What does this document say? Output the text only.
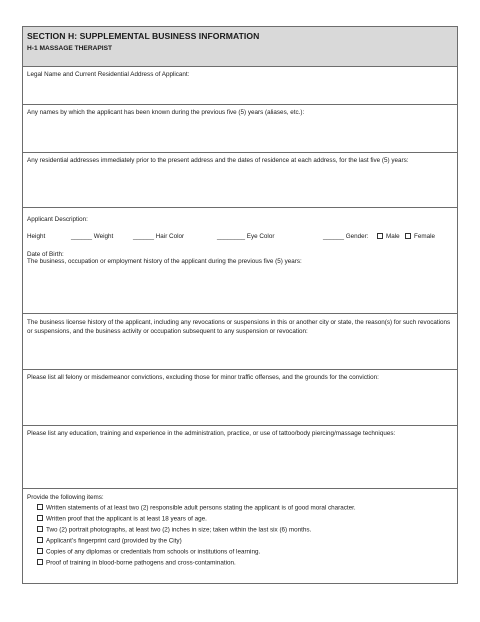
SECTION H: SUPPLEMENTAL BUSINESS INFORMATION
H-1 MASSAGE THERAPIST
Legal Name and Current Residential Address of Applicant:
Any names by which the applicant has been known during the previous five (5) years (aliases, etc.):
Any residential addresses immediately prior to the present address and the dates of residence at each address, for the last five (5) years:
Applicant Description:
Height	______ Weight	______ Hair Color	________ Eye Color	______ Gender:	Male	Female
Date of Birth:
The business, occupation or employment history of the applicant during the previous five (5) years:
The business license history of the applicant, including any revocations or suspensions in this or another city or state, the reason(s) for such revocations or suspensions, and the business activity or occupation subsequent to any suspension or revocation:
Please list all felony or misdemeanor convictions, excluding those for minor traffic offenses, and the grounds for the conviction:
Please list any education, training and experience in the administration, practice, or use of tattoo/body piercing/massage techniques:
Provide the following items:
Written statements of at least two (2) responsible adult persons stating the applicant is of good moral character.
Written proof that the applicant is at least 18 years of age.
Two (2) portrait photographs, at least two (2) inches in size; taken within the last six (6) months.
Applicant’s fingerprint card (provided by the City)
Copies of any diplomas or credentials from schools or institutions of learning.
Proof of training in blood-borne pathogens and cross-contamination.
